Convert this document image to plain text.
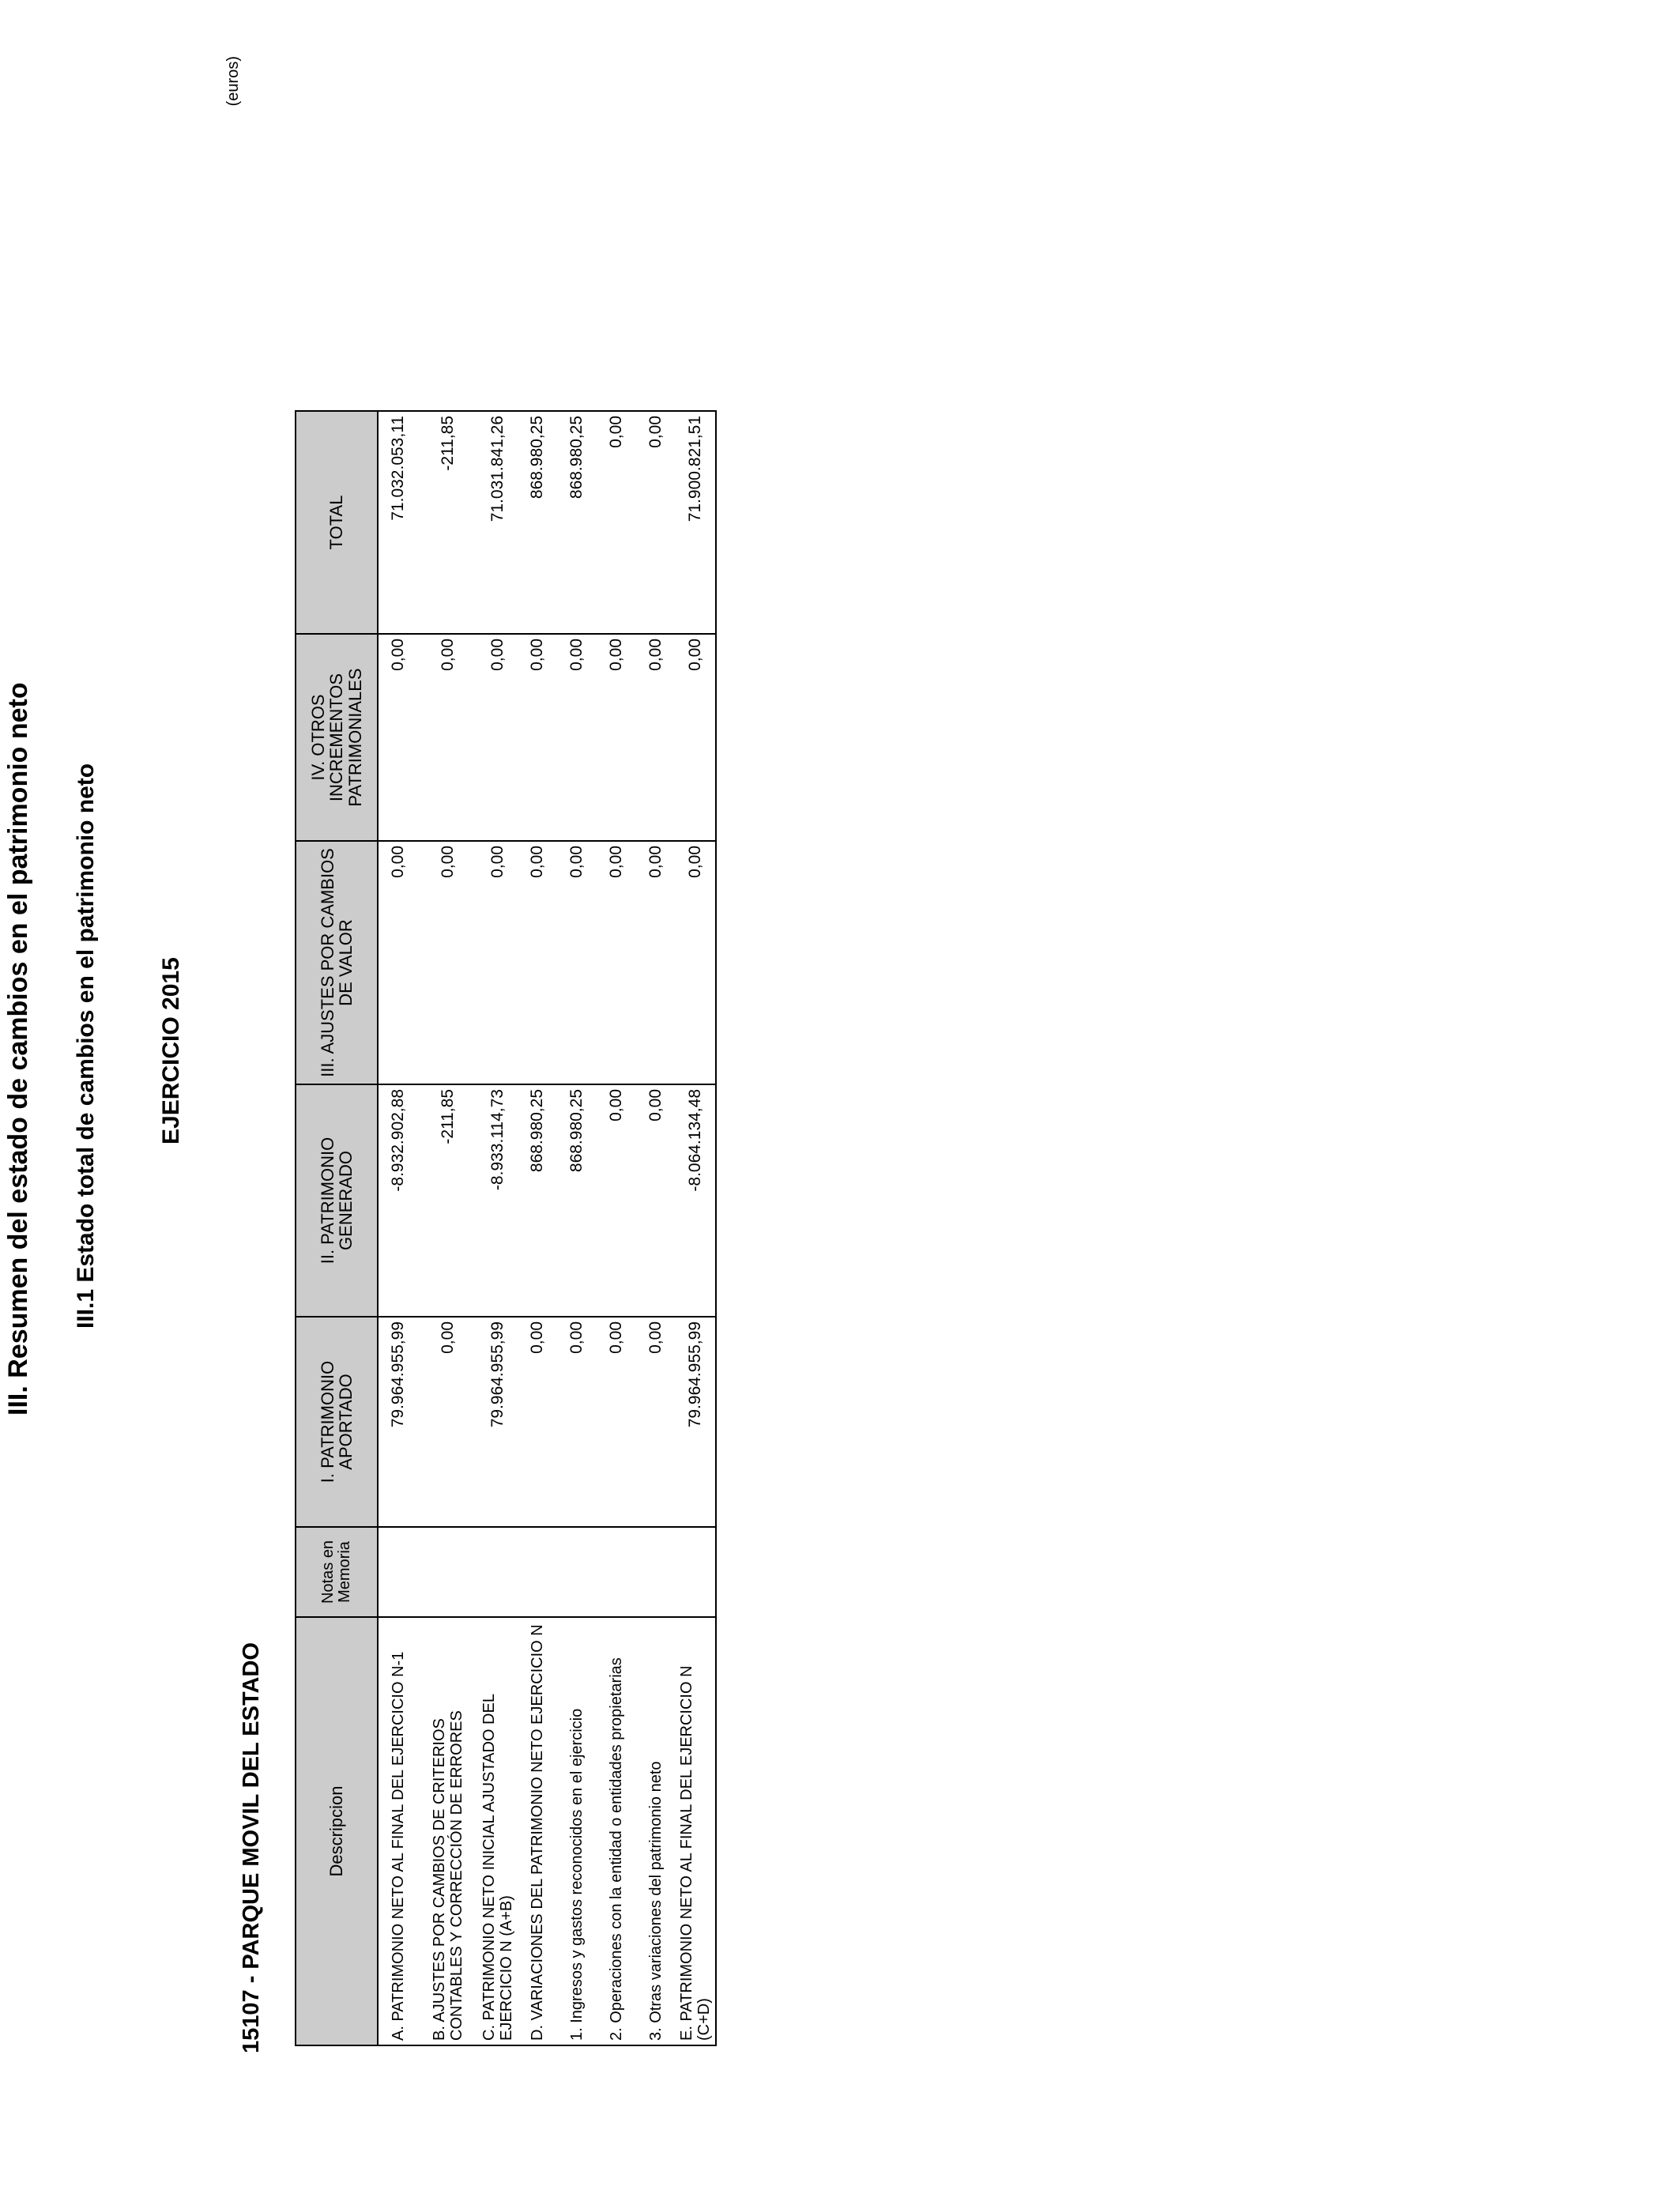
III. Resumen del estado de cambios en el patrimonio neto III.1 Estado total de cambios en el patrimonio neto	EJERCICIO 2015
15107 - PARQUE MOVIL DEL ESTADO
(euros)
Descripcion	Notas en Memoria	I. PATRIMONIO APORTADO	II. PATRIMONIO GENERADO	III. AJUSTES POR CAMBIOS DE VALOR	IV. OTROS INCREMENTOS PATRIMONIALES	TOTAL
A. PATRIMONIO NETO AL FINAL DEL EJERCICIO N-1		79.964.955,99	-8.932.902,88	0,00	0,00	71.032.053,11
B. AJUSTES POR CAMBIOS DE CRITERIOS CONTABLES Y CORRECCIÓN DE ERRORES		0,00	-211,85	0,00	0,00	-211,85
C. PATRIMONIO NETO INICIAL AJUSTADO DEL EJERCICIO N (A+B)		79.964.955,99	-8.933.114,73	0,00	0,00	71.031.841,26
D. VARIACIONES DEL PATRIMONIO NETO EJERCICIO N		0,00	868.980,25	0,00	0,00	868.980,25
1. Ingresos y gastos reconocidos en el ejercicio		0,00	868.980,25	0,00	0,00	868.980,25
2. Operaciones con la entidad o entidades propietarias		0,00	0,00	0,00	0,00	0,00
3. Otras variaciones del patrimonio neto		0,00	0,00	0,00	0,00	0,00
E. PATRIMONIO NETO AL FINAL DEL EJERCICIO N (C+D)		79.964.955,99	-8.064.134,48	0,00	0,00	71.900.821,51
